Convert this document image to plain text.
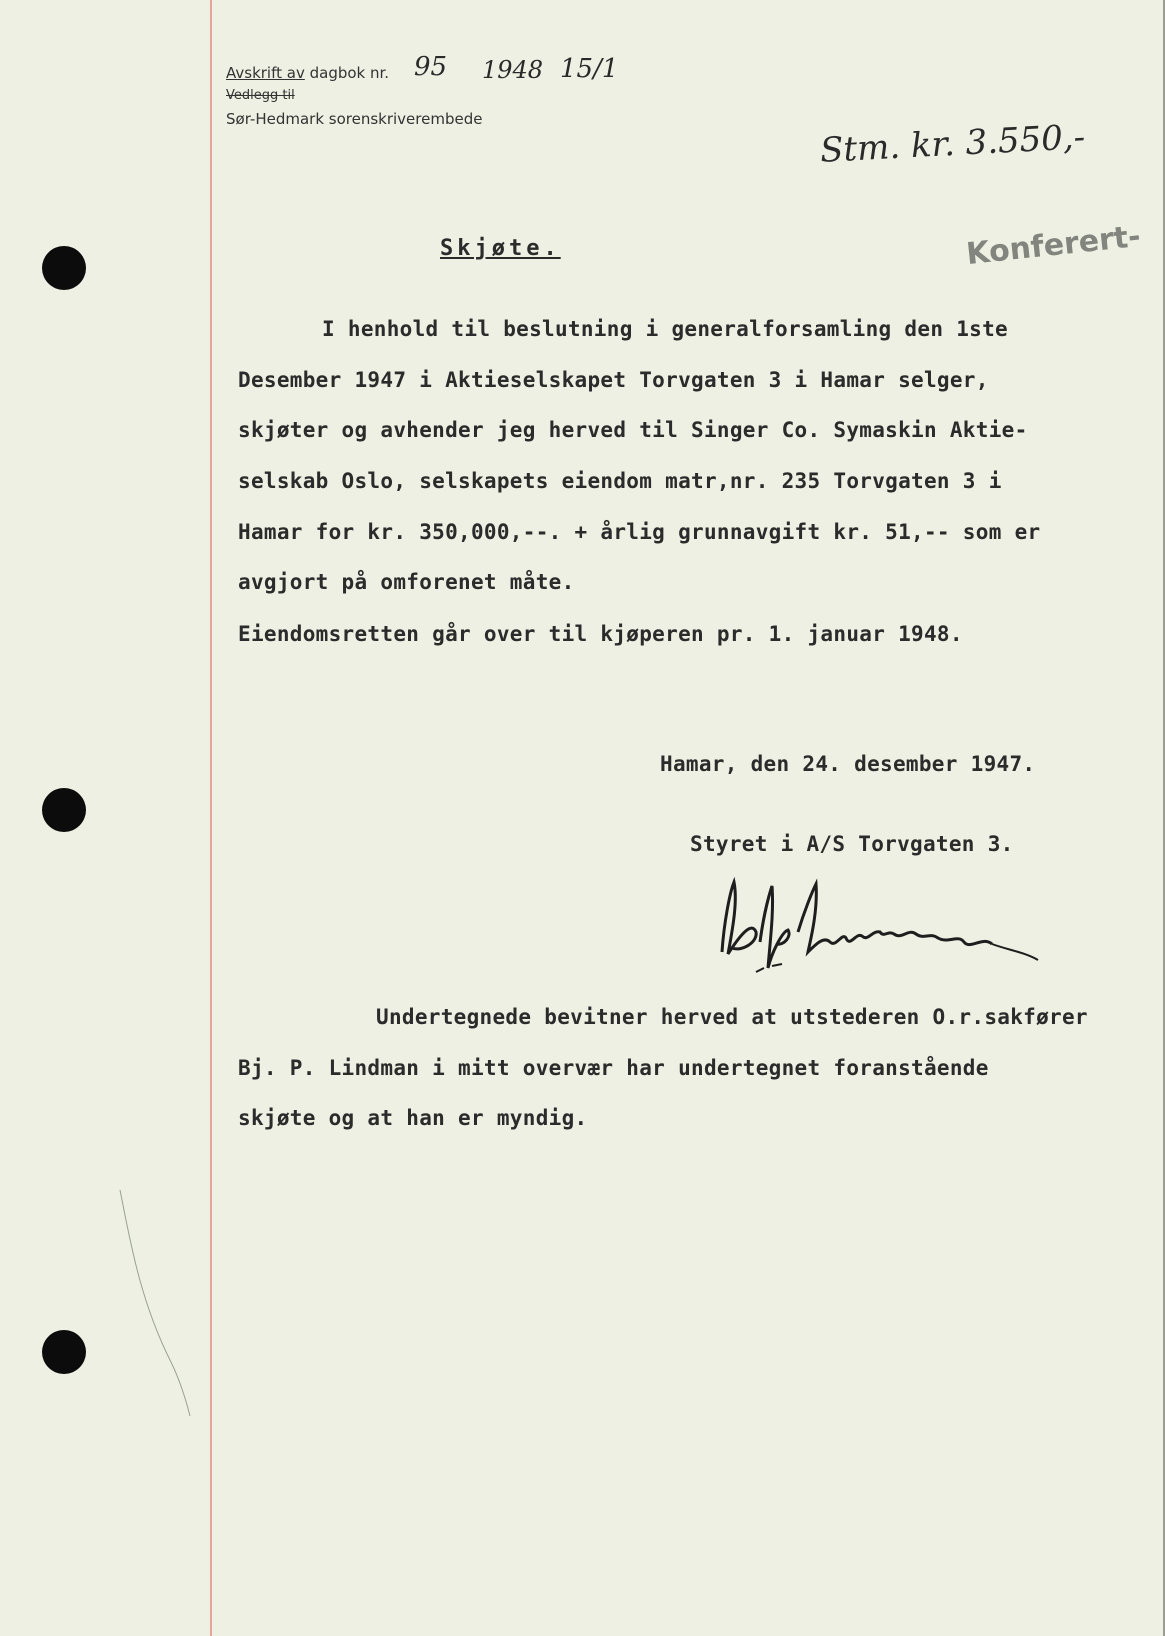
Avskrift av dagbok nr. 95 1948 15/1
Vedlegg til
Sør-Hedmark sorenskriverembede	Stm. kr. 3.550,-
Konferert-
Skjøte.
I henhold til beslutning i generalforsamling den 1ste
Desember 1947 i Aktieselskapet Torvgaten 3 i Hamar selger,
skjøter og avhender jeg herved til Singer Co. Symaskin Aktie-
selskab Oslo, selskapets eiendom matr,nr. 235 Torvgaten 3 i
Hamar for kr. 350,000,--. + årlig grunnavgift kr. 51,-- som er
avgjort på omforenet måte.
Eiendomsretten går over til kjøperen pr. 1. januar 1948.
Hamar, den 24. desember 1947.
Styret i A/S Torvgaten 3.
Undertegnede bevitner herved at utstederen O.r.sakfører
Bj. P. Lindman i mitt overvær har undertegnet foranstående
skjøte og at han er myndig.
